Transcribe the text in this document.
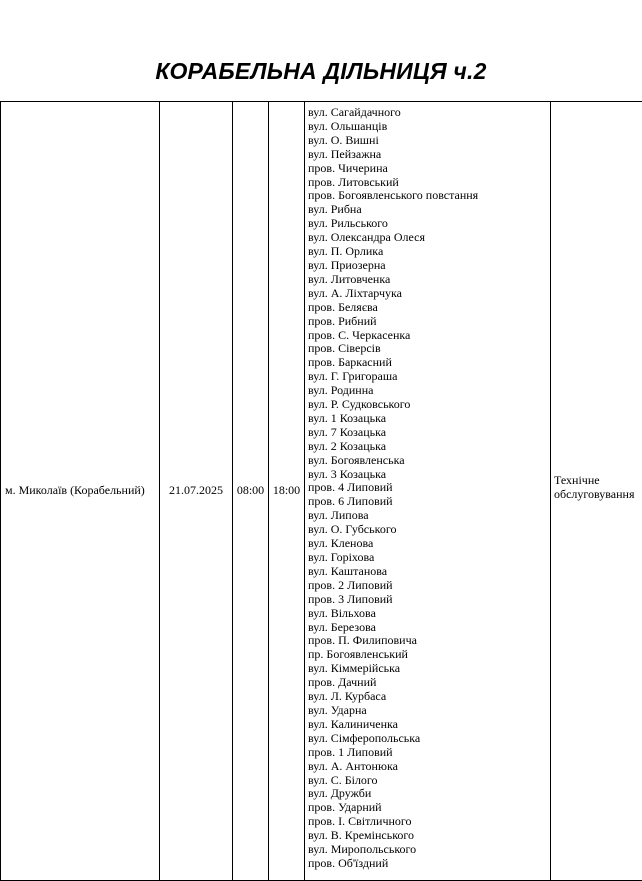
КОРАБЕЛЬНА ДІЛЬНИЦЯ ч.2
м. Миколаїв (Корабельний)	21.07.2025	08:00 18:00
вул. Сагайдачного
вул. Ольшанців
вул. О. Вишні
вул. Пейзажна
пров. Чичерина
пров. Литовський
пров. Богоявленського повстання
вул. Рибна
вул. Рильського
вул. Олександра Олеся
вул. П. Орлика
вул. Приозерна
вул. Литовченка
вул. А. Ліхтарчука
пров. Беляєва
пров. Рибний
пров. С. Черкасенка
пров. Сіверсів
пров. Баркасний
вул. Г. Григораша
вул. Родинна
вул. Р. Судковського
вул. 1 Козацька
вул. 7 Козацька
вул. 2 Козацька
вул. Богоявленська
вул. 3 Козацька
пров. 4 Липовий
пров. 6 Липовий
вул. Липова
вул. О. Губського
вул. Кленова
вул. Горіхова
вул. Каштанова
пров. 2 Липовий
пров. 3 Липовий
вул. Вільхова
вул. Березова
пров. П. Филиповича
пр. Богоявленський
вул. Кіммерійська
пров. Дачний
вул. Л. Курбаса
вул. Ударна
вул. Калиниченка
вул. Сімферопольська
пров. 1 Липовий
вул. А. Антонюка
вул. С. Білого
вул. Дружби
пров. Ударний
пров. І. Світличного
вул. В. Кремінського
вул. Миропольського
пров. Об'їздний
Технічне обслуговування
